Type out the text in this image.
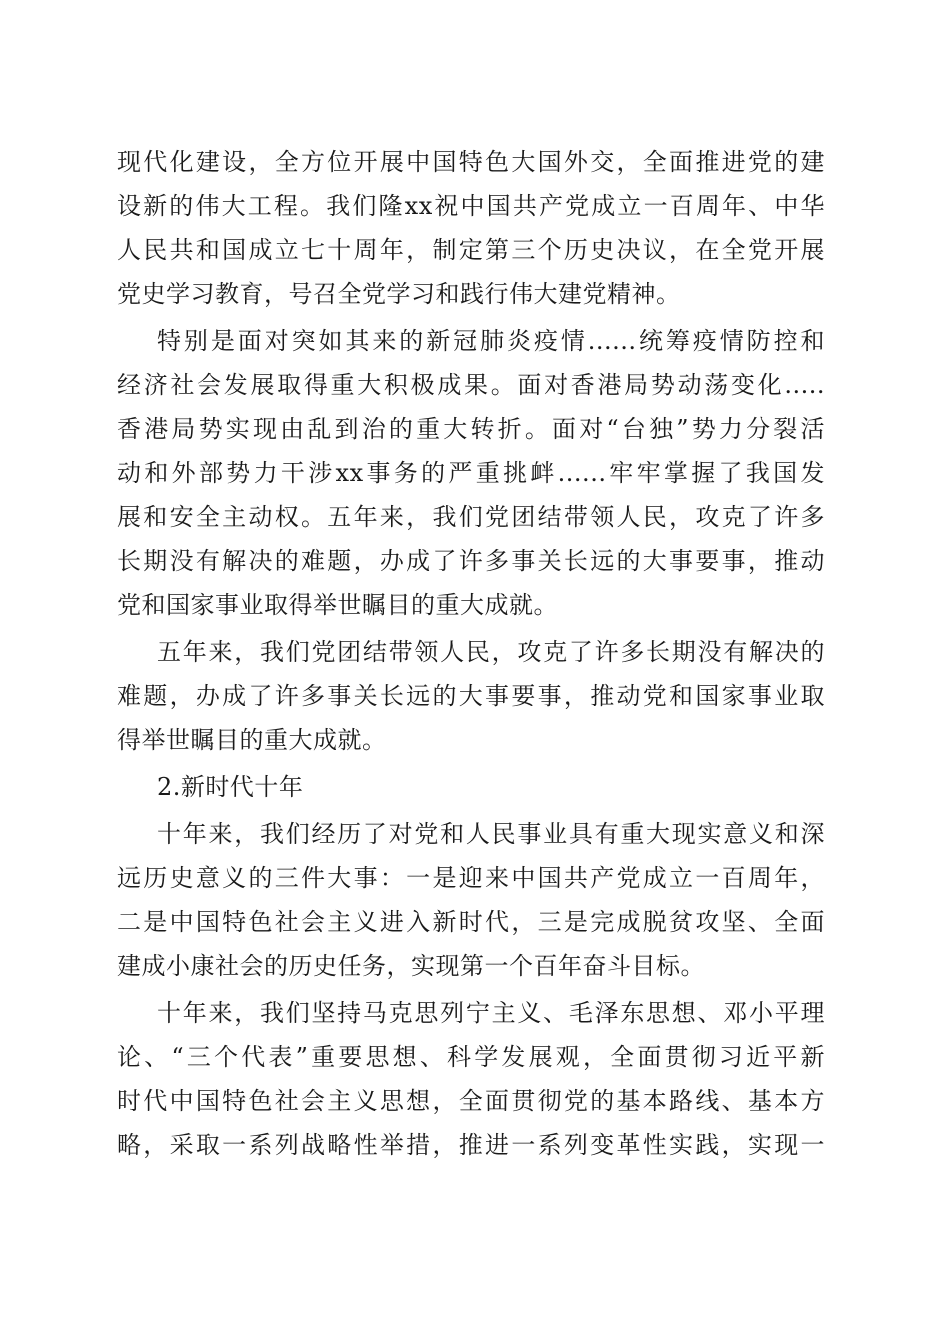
现代化建设，全方位开展中国特色大国外交，全面推进党的建
设新的伟大工程。我们隆xx祝中国共产党成立一百周年、中华
人民共和国成立七十周年，制定第三个历史决议，在全党开展
党史学习教育，号召全党学习和践行伟大建党精神。
特别是面对突如其来的新冠肺炎疫情......统筹疫情防控和
经济社会发展取得重大积极成果。面对香港局势动荡变化.....
香港局势实现由乱到治的重大转折。面对“台独”势力分裂活
动和外部势力干涉xx事务的严重挑衅......牢牢掌握了我国发
展和安全主动权。五年来，我们党团结带领人民，攻克了许多
长期没有解决的难题，办成了许多事关长远的大事要事，推动
党和国家事业取得举世瞩目的重大成就。
五年来，我们党团结带领人民，攻克了许多长期没有解决的
难题，办成了许多事关长远的大事要事，推动党和国家事业取
得举世瞩目的重大成就。
2.新时代十年
十年来，我们经历了对党和人民事业具有重大现实意义和深
远历史意义的三件大事：一是迎来中国共产党成立一百周年，
二是中国特色社会主义进入新时代，三是完成脱贫攻坚、全面
建成小康社会的历史任务，实现第一个百年奋斗目标。
十年来，我们坚持马克思列宁主义、毛泽东思想、邓小平理
论、“三个代表”重要思想、科学发展观，全面贯彻习近平新
时代中国特色社会主义思想，全面贯彻党的基本路线、基本方
略，采取一系列战略性举措，推进一系列变革性实践，实现一
